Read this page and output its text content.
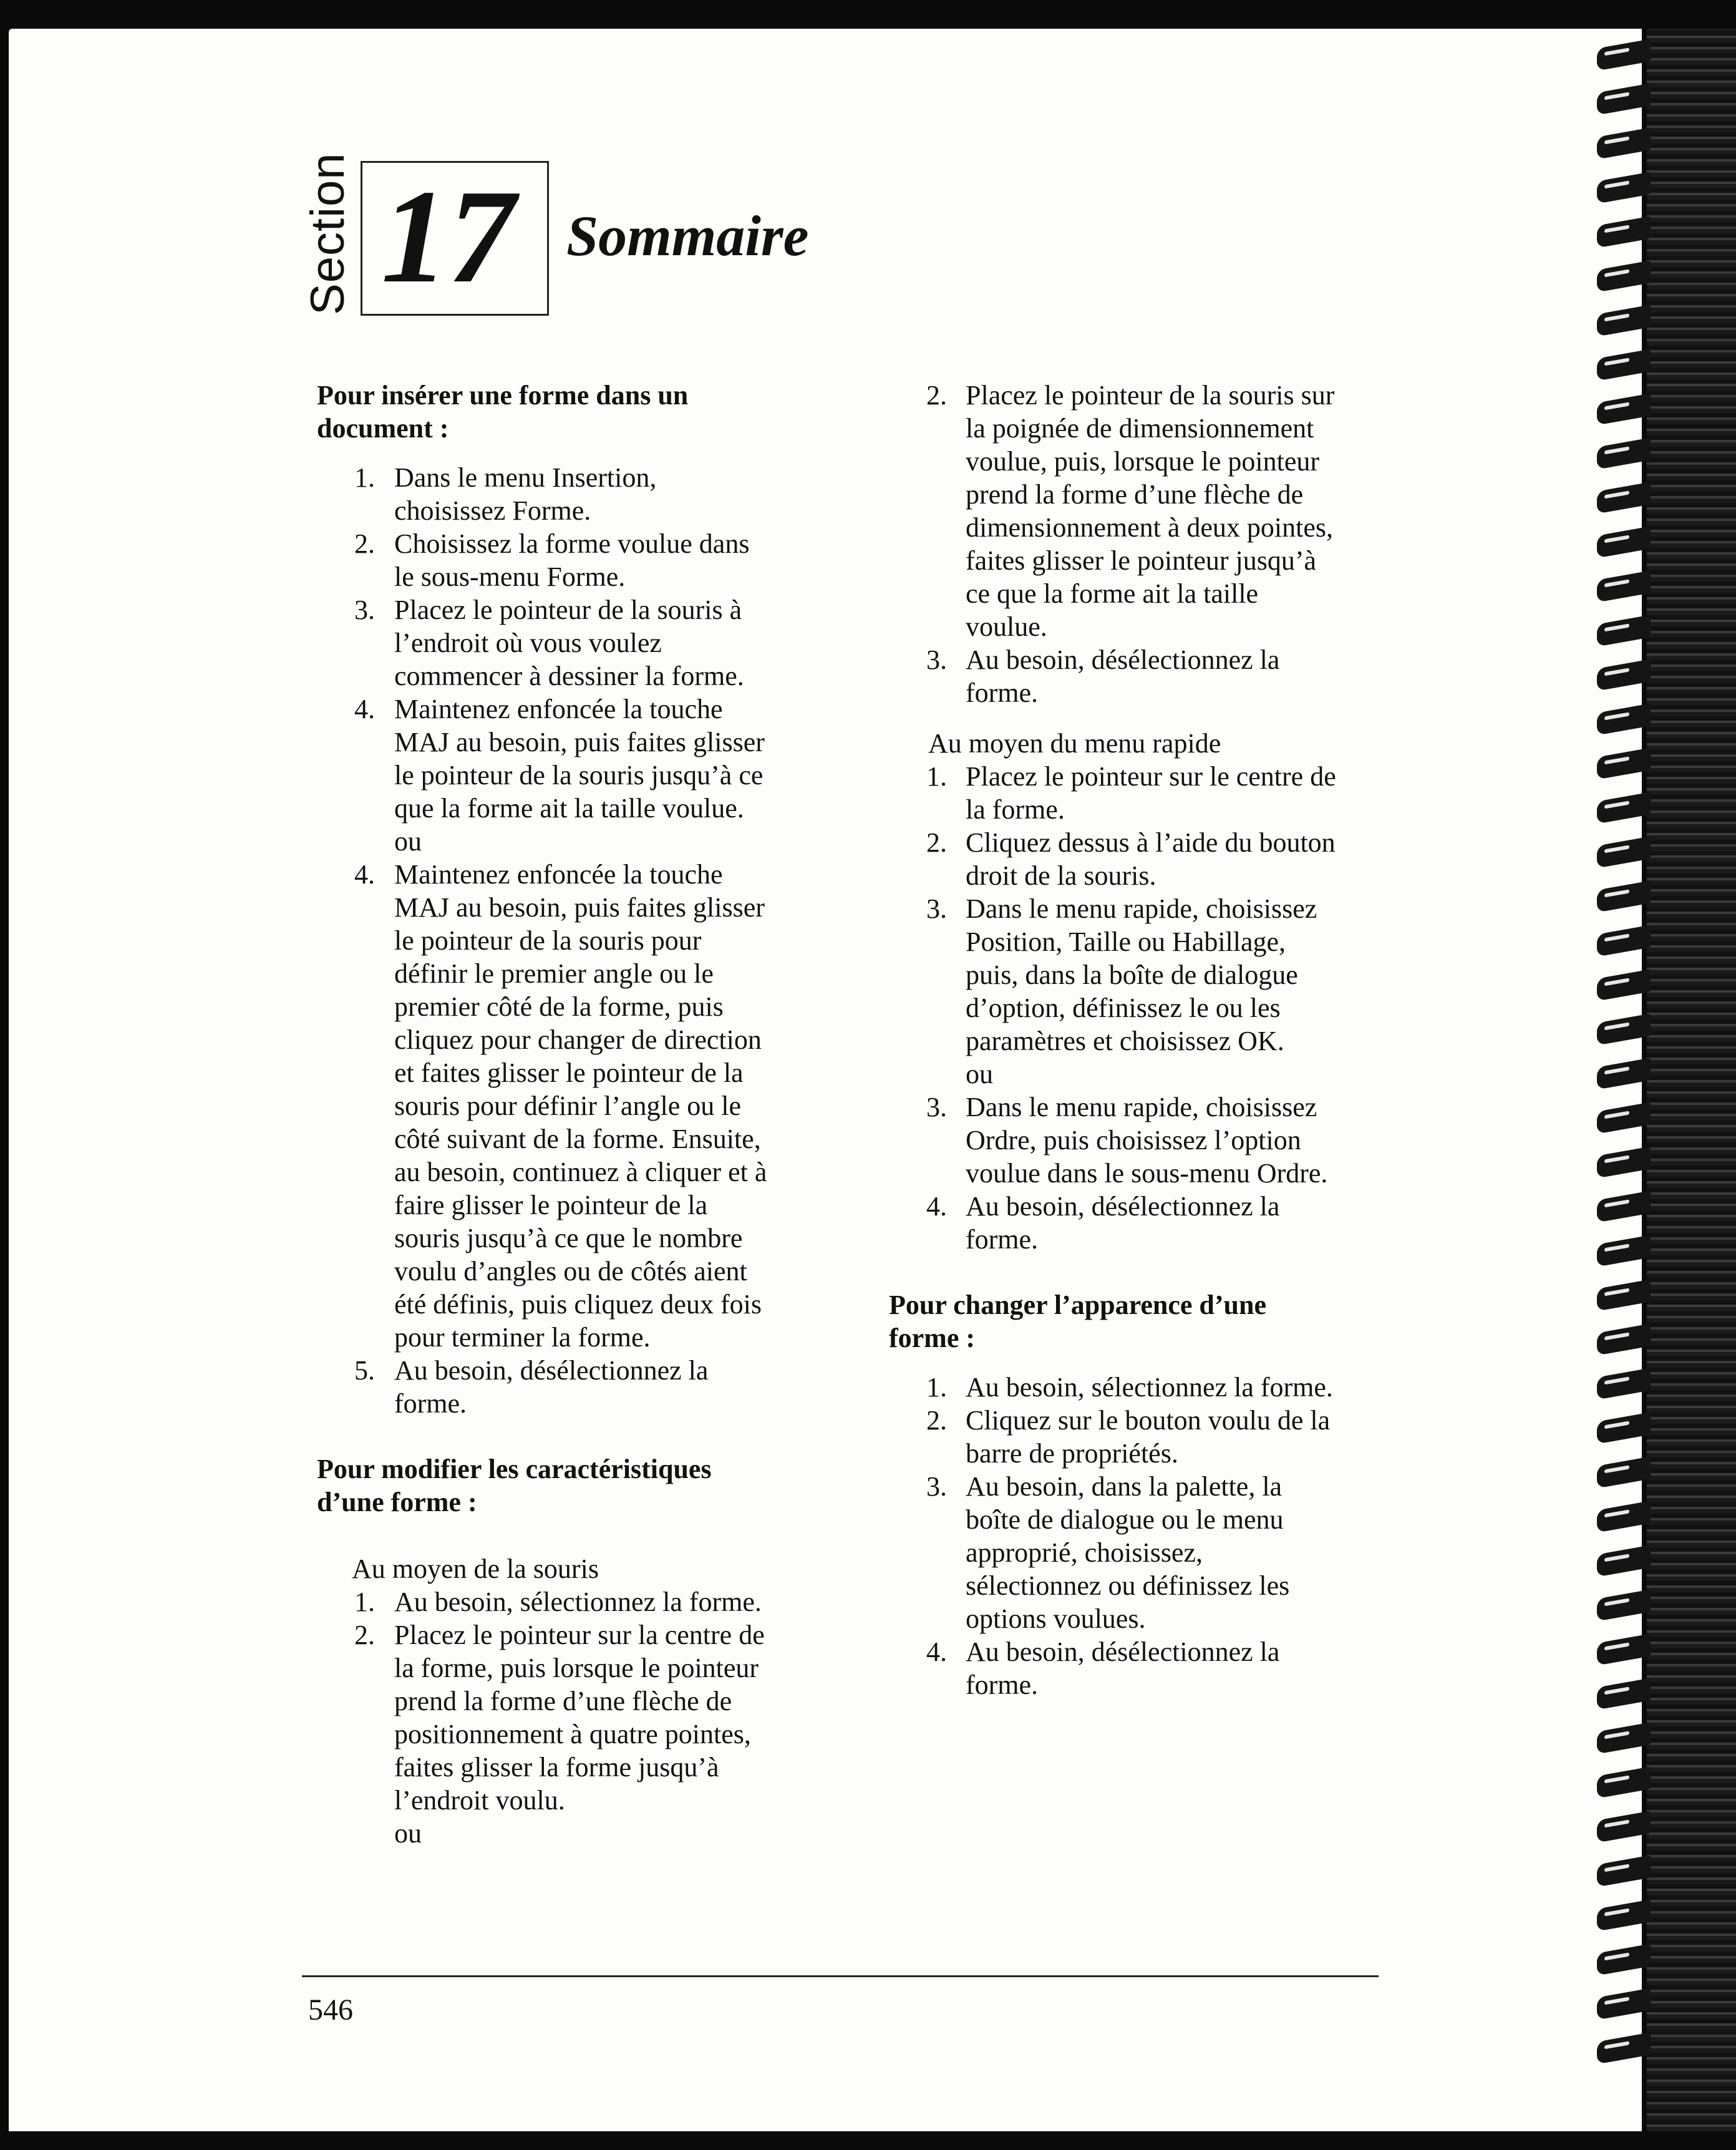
Section 17 Sommaire
Pour insérer une forme dans un
document :
1. Dans le menu Insertion,
choisissez Forme.
2. Choisissez la forme voulue dans
le sous-menu Forme.
3. Placez le pointeur de la souris à
l’endroit où vous voulez
commencer à dessiner la forme.
4. Maintenez enfoncée la touche
MAJ au besoin, puis faites glisser
le pointeur de la souris jusqu’à ce
que la forme ait la taille voulue.
ou
4. Maintenez enfoncée la touche
MAJ au besoin, puis faites glisser
le pointeur de la souris pour
définir le premier angle ou le
premier côté de la forme, puis
cliquez pour changer de direction
et faites glisser le pointeur de la
souris pour définir l’angle ou le
côté suivant de la forme. Ensuite,
au besoin, continuez à cliquer et à
faire glisser le pointeur de la
souris jusqu’à ce que le nombre
voulu d’angles ou de côtés aient
été définis, puis cliquez deux fois
pour terminer la forme.
5. Au besoin, désélectionnez la
forme.
Pour modifier les caractéristiques
d’une forme :
Au moyen de la souris
1. Au besoin, sélectionnez la forme.
2. Placez le pointeur sur la centre de
la forme, puis lorsque le pointeur
prend la forme d’une flèche de
positionnement à quatre pointes,
faites glisser la forme jusqu’à
l’endroit voulu.
ou
2. Placez le pointeur de la souris sur
la poignée de dimensionnement
voulue, puis, lorsque le pointeur
prend la forme d’une flèche de
dimensionnement à deux pointes,
faites glisser le pointeur jusqu’à
ce que la forme ait la taille
voulue.
3. Au besoin, désélectionnez la
forme.
Au moyen du menu rapide
1. Placez le pointeur sur le centre de
la forme.
2. Cliquez dessus à l’aide du bouton
droit de la souris.
3. Dans le menu rapide, choisissez
Position, Taille ou Habillage,
puis, dans la boîte de dialogue
d’option, définissez le ou les
paramètres et choisissez OK.
ou
3. Dans le menu rapide, choisissez
Ordre, puis choisissez l’option
voulue dans le sous-menu Ordre.
4. Au besoin, désélectionnez la
forme.
Pour changer l’apparence d’une
forme :
1. Au besoin, sélectionnez la forme.
2. Cliquez sur le bouton voulu de la
barre de propriétés.
3. Au besoin, dans la palette, la
boîte de dialogue ou le menu
approprié, choisissez,
sélectionnez ou définissez les
options voulues.
4. Au besoin, désélectionnez la
forme.
546
